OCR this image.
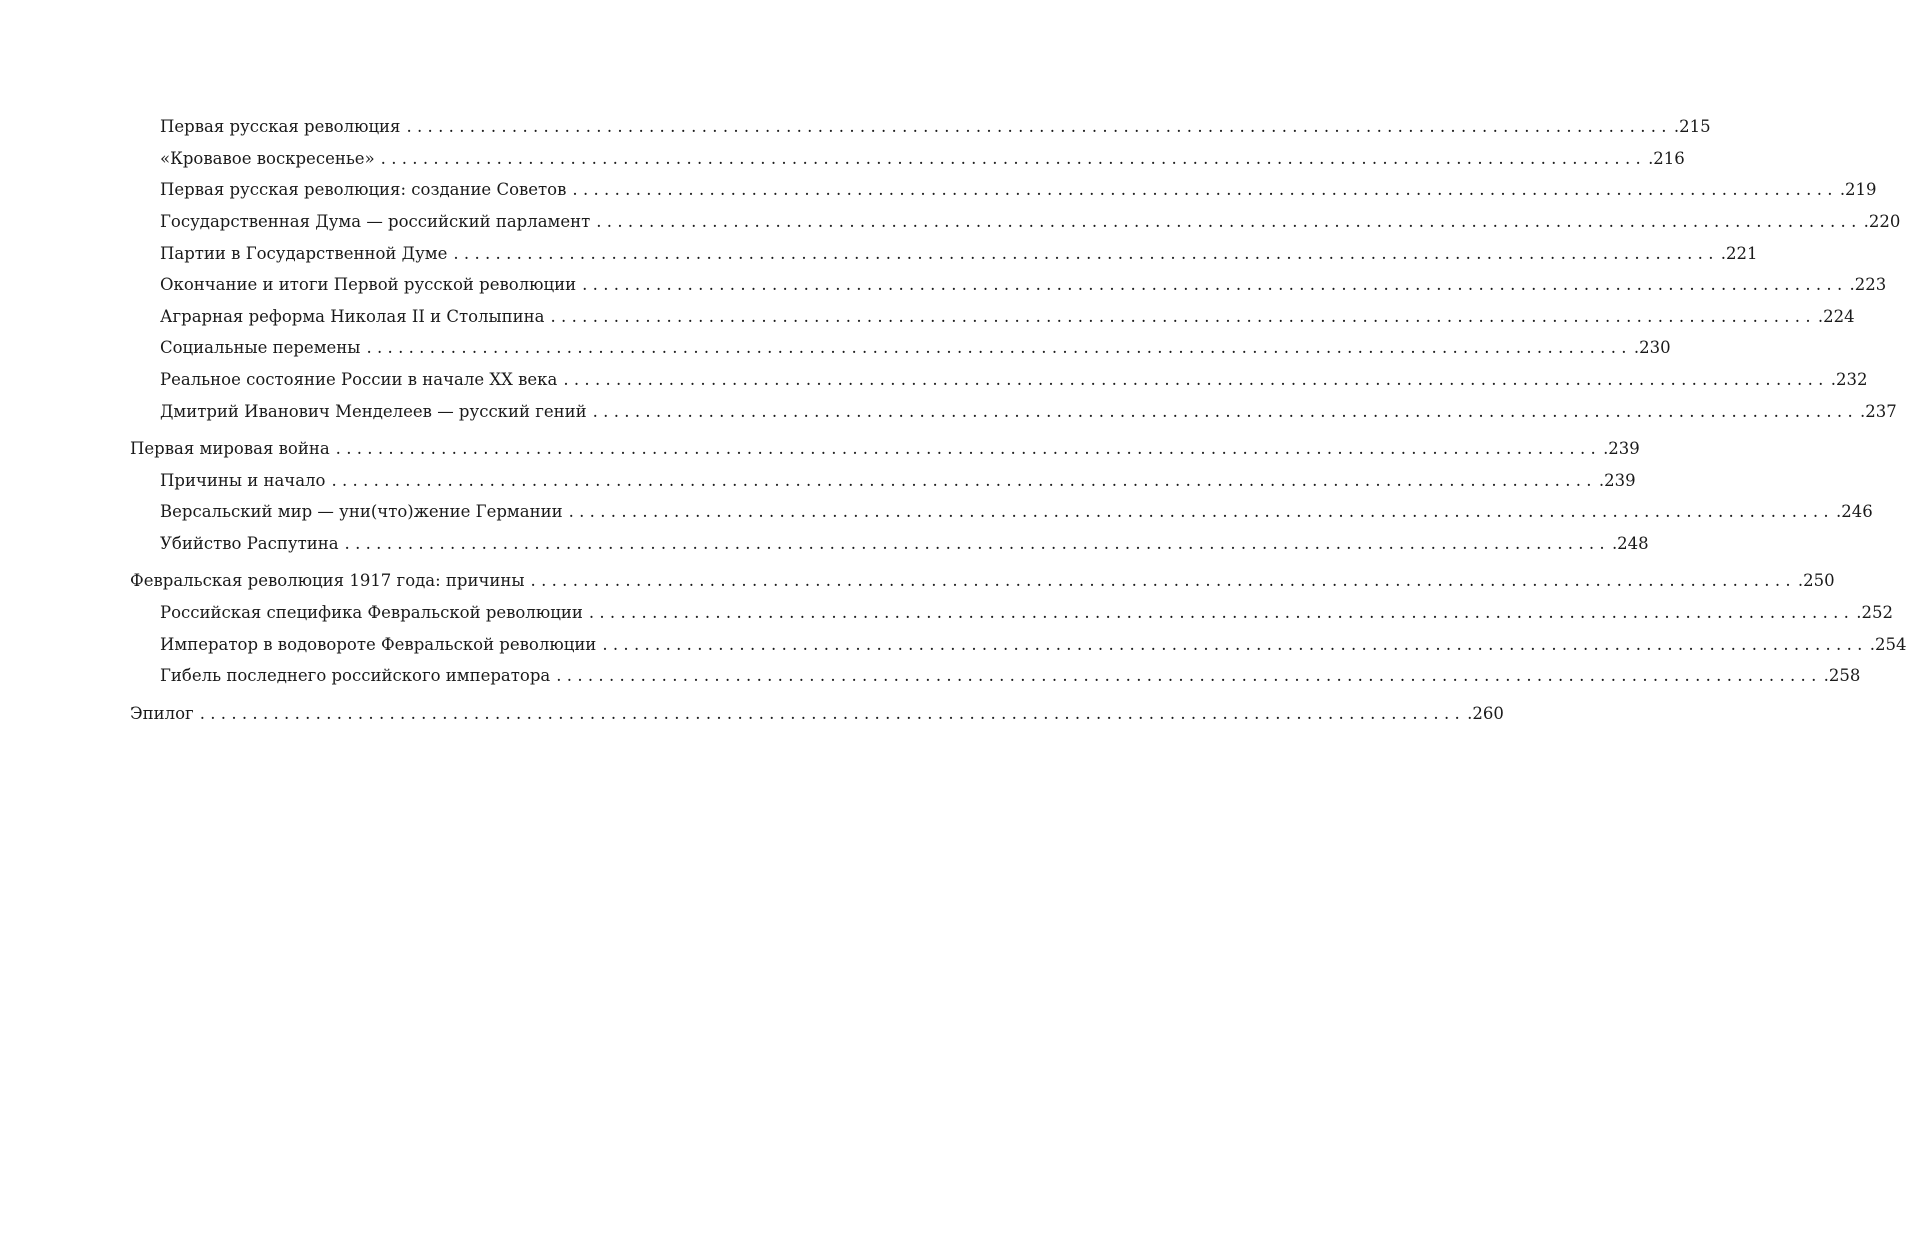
Первая русская революция ........................................................................................................................ .215
«Кровавое воскресенье» ........................................................................................................................ .216
Первая русская революция: создание Советов ........................................................................................................................ .219
Государственная Дума — российский парламент ........................................................................................................................ .220
Партии в Государственной Думе ........................................................................................................................ .221
Окончание и итоги Первой русской революции ........................................................................................................................ .223
Аграрная реформа Николая II и Столыпина ........................................................................................................................ .224
Социальные перемены ........................................................................................................................ .230
Реальное состояние России в начале XX века ........................................................................................................................ .232
Дмитрий Иванович Менделеев — русский гений ........................................................................................................................ .237
Первая мировая война ........................................................................................................................ .239
Причины и начало ........................................................................................................................ .239
Версальский мир — уни(что)жение Германии ........................................................................................................................ .246
Убийство Распутина ........................................................................................................................ .248
Февральская революция 1917 года: причины ........................................................................................................................ .250
Российская специфика Февральской революции ........................................................................................................................ .252
Император в водовороте Февральской революции ........................................................................................................................ .254
Гибель последнего российского императора ........................................................................................................................ .258
Эпилог ........................................................................................................................ .260
